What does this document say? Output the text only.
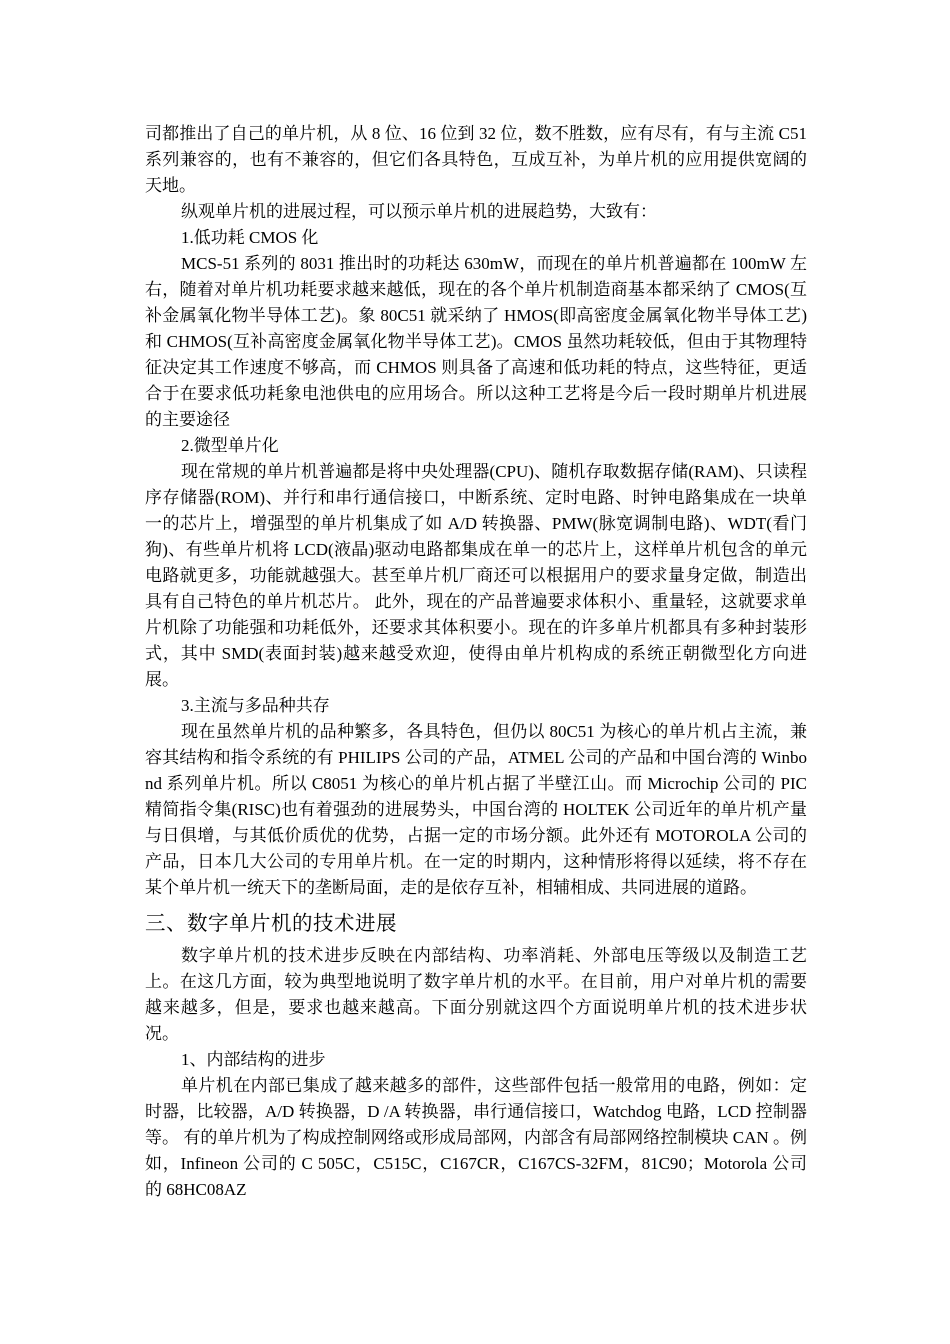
司都推出了自己的单片机，从 8 位、16 位到 32 位，数不胜数，应有尽有，有与主流 C51 系列兼容的，也有不兼容的，但它们各具特色，互成互补，为单片机的应用提供宽阔的天地。

纵观单片机的进展过程，可以预示单片机的进展趋势，大致有：

1.低功耗 CMOS 化

MCS-51 系列的 8031 推出时的功耗达 630mW，而现在的单片机普遍都在 100mW 左右，随着对单片机功耗要求越来越低，现在的各个单片机制造商基本都采纳了 CMOS(互补金属氧化物半导体工艺)。象 80C51 就采纳了 HMOS(即高密度金属氧化物半导体工艺)和 CHMOS(互补高密度金属氧化物半导体工艺)。CMOS 虽然功耗较低，但由于其物理特征决定其工作速度不够高，而 CHMOS 则具备了高速和低功耗的特点，这些特征，更适合于在要求低功耗象电池供电的应用场合。所以这种工艺将是今后一段时期单片机进展的主要途径

2.微型单片化

现在常规的单片机普遍都是将中央处理器(CPU)、随机存取数据存储(RAM)、只读程序存储器(ROM)、并行和串行通信接口，中断系统、定时电路、时钟电路集成在一块单一的芯片上，增强型的单片机集成了如 A/D 转换器、PMW(脉宽调制电路)、WDT(看门狗)、有些单片机将 LCD(液晶)驱动电路都集成在单一的芯片上，这样单片机包含的单元电路就更多，功能就越强大。甚至单片机厂商还可以根据用户的要求量身定做，制造出具有自己特色的单片机芯片。 此外，现在的产品普遍要求体积小、重量轻，这就要求单片机除了功能强和功耗低外，还要求其体积要小。现在的许多单片机都具有多种封装形式，其中 SMD(表面封装)越来越受欢迎，使得由单片机构成的系统正朝微型化方向进展。

3.主流与多品种共存

现在虽然单片机的品种繁多，各具特色，但仍以 80C51 为核心的单片机占主流，兼容其结构和指令系统的有 PHILIPS 公司的产品，ATMEL 公司的产品和中国台湾的 Winbond 系列单片机。所以 C8051 为核心的单片机占据了半壁江山。而 Microchip 公司的 PIC 精简指令集(RISC)也有着强劲的进展势头，中国台湾的 HOLTEK 公司近年的单片机产量与日俱增，与其低价质优的优势，占据一定的市场分额。此外还有 MOTOROLA 公司的产品，日本几大公司的专用单片机。在一定的时期内，这种情形将得以延续，将不存在某个单片机一统天下的垄断局面，走的是依存互补，相辅相成、共同进展的道路。

三、数字单片机的技术进展

数字单片机的技术进步反映在内部结构、功率消耗、外部电压等级以及制造工艺上。在这几方面，较为典型地说明了数字单片机的水平。在目前，用户对单片机的需要越来越多，但是，要求也越来越高。下面分别就这四个方面说明单片机的技术进步状况。

1、内部结构的进步

单片机在内部已集成了越来越多的部件，这些部件包括一般常用的电路，例如：定时器，比较器，A/D 转换器，D /A 转换器，串行通信接口，Watchdog 电路，LCD 控制器等。 有的单片机为了构成控制网络或形成局部网，内部含有局部网络控制模块 CAN 。例如，Infineon 公司的 C 505C，C515C，C167CR，C167CS-32FM，81C90；Motorola 公司的 68HC08AZ
